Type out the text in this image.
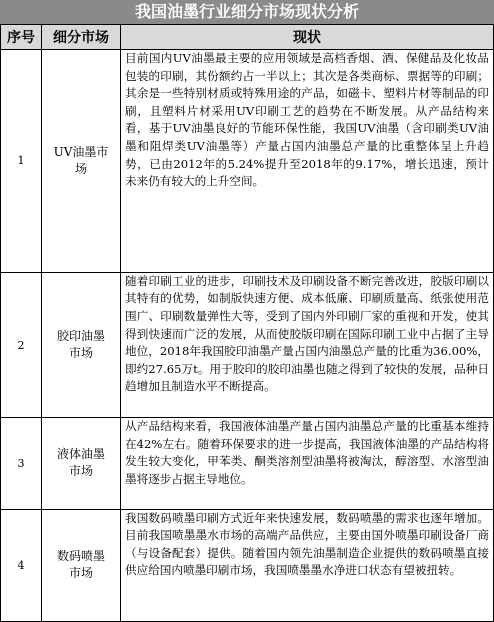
我国油墨行业细分市场现状分析
序号	细分市场	现状
1	UV油墨市场	目前国内UV油墨最主要的应用领域是高档香烟、酒、保健品及化妆品包装的印刷，其份额约占一半以上；其次是各类商标、票据等的印刷；其余是一些特别材质或特殊用途的产品，如磁卡、塑料片材等制品的印刷，且塑料片材采用UV印刷工艺的趋势在不断发展。从产品结构来看，基于UV油墨良好的节能环保性能，我国UV油墨（含印刷类UV油墨和阻焊类UV油墨等）产量占国内油墨总产量的比重整体呈上升趋势，已由2012年的5.24%提升至2018年的9.17%，增长迅速，预计未来仍有较大的上升空间。
2	胶印油墨市场	随着印刷工业的进步，印刷技术及印刷设备不断完善改进，胶版印刷以其特有的优势，如制版快速方便、成本低廉、印刷质量高、纸张使用范围广、印刷数量弹性大等，受到了国内外印刷厂家的重视和开发，使其得到快速而广泛的发展，从而使胶版印刷在国际印刷工业中占据了主导地位，2018年我国胶印油墨产量占国内油墨总产量的比重为36.00%，即约27.65万t。用于胶印的胶印油墨也随之得到了较快的发展，品种日趋增加且制造水平不断提高。
3	液体油墨市场	从产品结构来看，我国液体油墨产量占国内油墨总产量的比重基本维持在42%左右。随着环保要求的进一步提高，我国液体油墨的产品结构将发生较大变化，甲苯类、酮类溶剂型油墨将被淘汰，醇溶型、水溶型油墨将逐步占据主导地位。
4	数码喷墨市场	我国数码喷墨印刷方式近年来快速发展，数码喷墨的需求也逐年增加。目前我国喷墨墨水市场的高端产品供应，主要由国外喷墨印刷设备厂商（与设备配套）提供。随着国内领先油墨制造企业提供的数码喷墨直接供应给国内喷墨印刷市场，我国喷墨墨水净进口状态有望被扭转。
